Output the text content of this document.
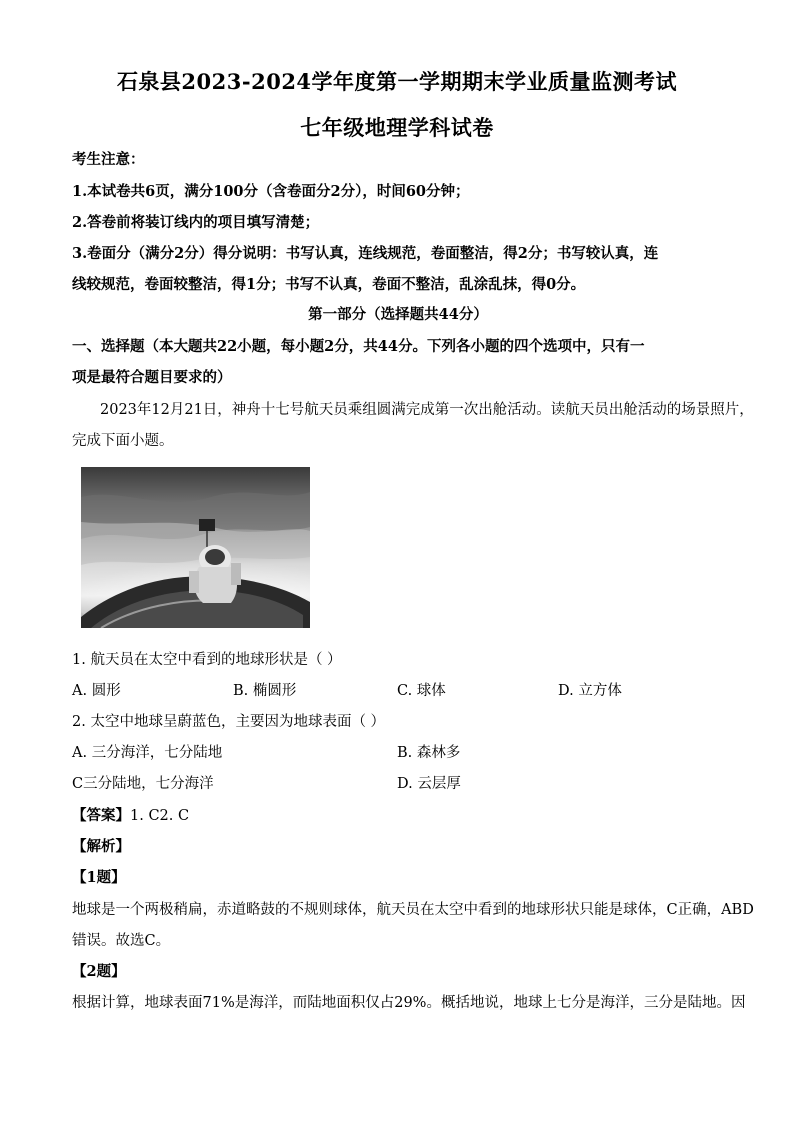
石泉县2023-2024学年度第一学期期末学业质量监测考试
七年级地理学科试卷
考生注意：
1.本试卷共6页，满分100分（含卷面分2分），时间60分钟；
2.答卷前将装订线内的项目填写清楚；
3.卷面分（满分2分）得分说明：书写认真，连线规范，卷面整洁，得2分；书写较认真，连
线较规范，卷面较整洁，得1分；书写不认真，卷面不整洁，乱涂乱抹，得0分。
第一部分（选择题共44分）
一、选择题（本大题共22小题，每小题2分，共44分。下列各小题的四个选项中，只有一
项是最符合题目要求的）
2023年12月21日，神舟十七号航天员乘组圆满完成第一次出舱活动。读航天员出舱活动的场景照片，
完成下面小题。
1. 航天员在太空中看到的地球形状是（ ）
A. 圆形	B. 椭圆形	C. 球体	D. 立方体
2. 太空中地球呈蔚蓝色，主要因为地球表面（ ）
A. 三分海洋，七分陆地	B. 森林多
C三分陆地，七分海洋	D. 云层厚
【答案】1. C2. C
【解析】
【1题】
地球是一个两极稍扁，赤道略鼓的不规则球体，航天员在太空中看到的地球形状只能是球体，C正确，ABD
错误。故选C。
【2题】
根据计算，地球表面71%是海洋，而陆地面积仅占29%。概括地说，地球上七分是海洋，三分是陆地。因
